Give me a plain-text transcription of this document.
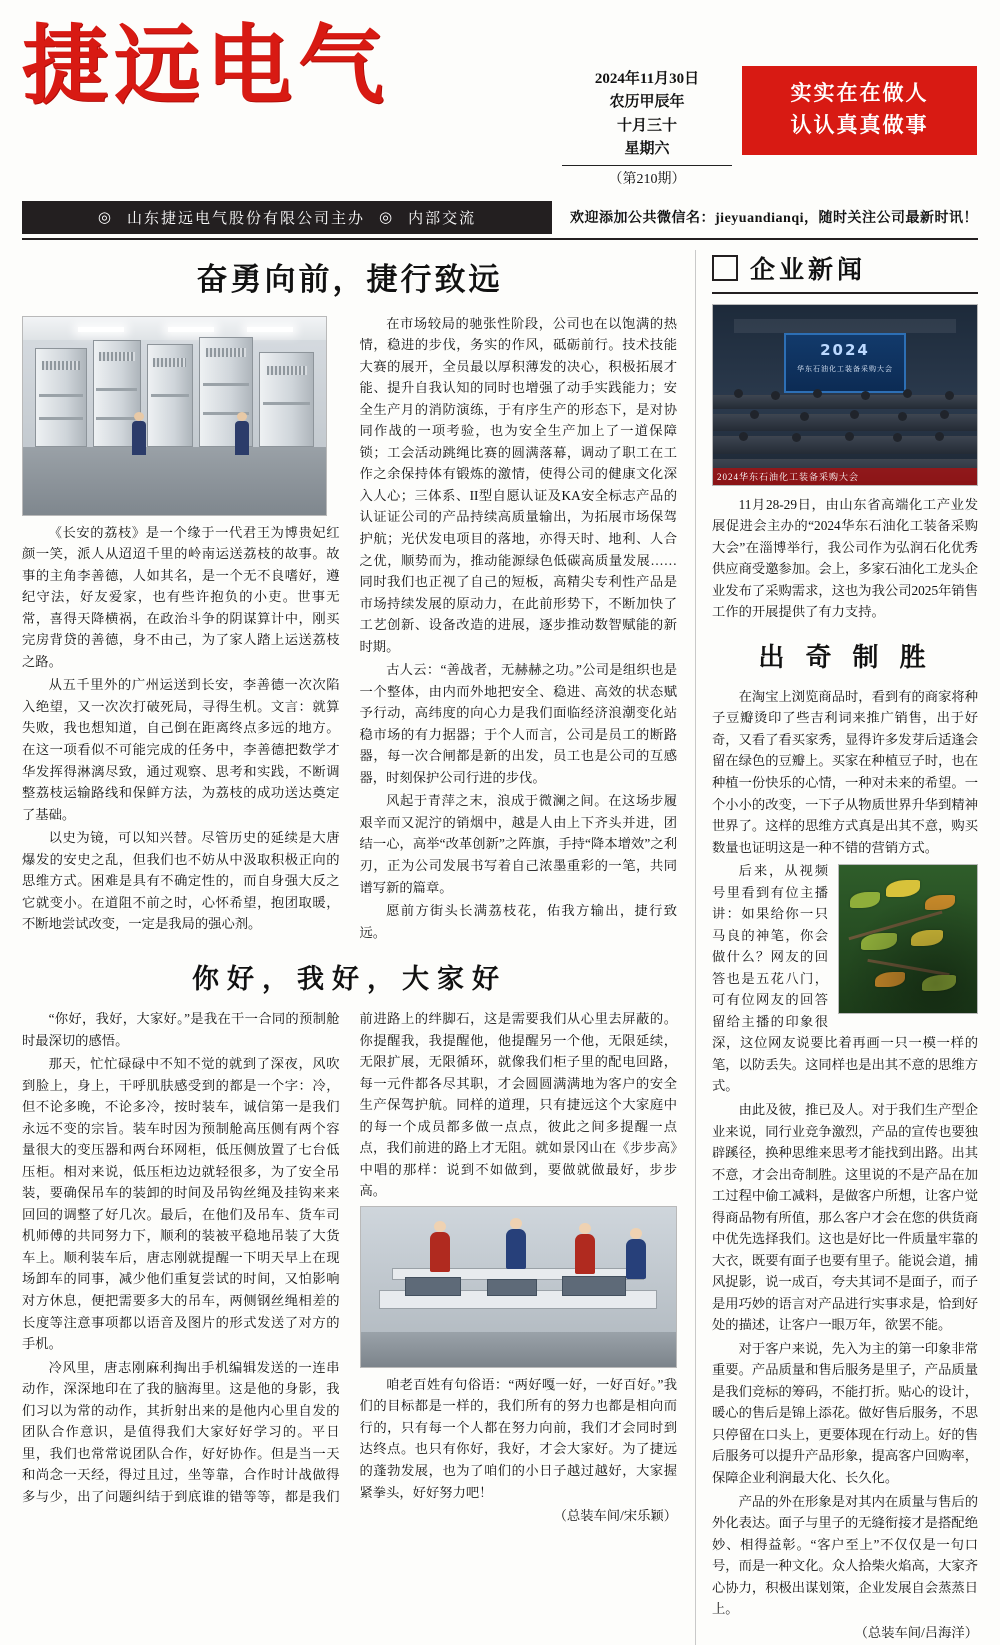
捷远电气	2024年11月30日
农历甲辰年
十月三十
星期六
（第210期）
实实在在做人
认认真真做事
◎ 山东捷远电气股份有限公司主办 ◎ 内部交流	欢迎添加公共微信名：jieyuandianqi，随时关注公司最新时讯！
奋勇向前，捷行致远

《长安的荔枝》是一个缘于一代君王为博贵妃红颜一笑，派人从迢迢千里的岭南运送荔枝的故事。故事的主角李善德，人如其名，是一个无不良嗜好，遵纪守法，好友爱家，也有些许抱负的小吏。世事无常，喜得天降横祸，在政治斗争的阴谋算计中，刚买完房背贷的善德，身不由己，为了家人踏上运送荔枝之路。

从五千里外的广州运送到长安，李善德一次次陷入绝望，又一次次打破死局，寻得生机。文言：就算失败，我也想知道，自己倒在距离终点多远的地方。在这一项看似不可能完成的任务中，李善德把数学才华发挥得淋漓尽致，通过观察、思考和实践，不断调整荔枝运输路线和保鲜方法，为荔枝的成功送达奠定了基础。

以史为镜，可以知兴替。尽管历史的延续是大唐爆发的安史之乱，但我们也不妨从中汲取积极正向的思维方式。困难是具有不确定性的，而自身强大反之它就变小。在道阻不前之时，心怀希望，抱团取暖，不断地尝试改变，一定是我局的强心剂。

在市场较局的驰张性阶段，公司也在以饱满的热情，稳进的步伐，务实的作风，砥砺前行。技术技能大赛的展开，全员最以厚积薄发的决心，积极拓展才能、提升自我认知的同时也增强了动手实践能力；安全生产月的消防演练，于有序生产的形态下，是对协同作战的一项考验，也为安全生产加上了一道保障锁；工会活动跳绳比赛的圆满落幕，调动了职工在工作之余保持体有锻炼的激情，使得公司的健康文化深入人心；三体系、II型自愿认证及KA安全标志产品的认证证公司的产品持续高质量输出，为拓展市场保驾护航；光伏发电项目的落地，亦得天时、地利、人合之优，顺势而为，推动能源绿色低碳高质量发展……同时我们也正视了自己的短板，高精尖专利性产品是市场持续发展的原动力，在此前形势下，不断加快了工艺创新、设备改造的进展，逐步推动数智赋能的新时期。

古人云：“善战者，无赫赫之功。”公司是组织也是一个整体，由内而外地把安全、稳进、高效的状态赋予行动，高纬度的向心力是我们面临经济浪潮变化站稳市场的有力据器；于个人而言，公司是员工的断路器，每一次合闸都是新的出发，员工也是公司的互感器，时刻保护公司行进的步伐。

风起于青萍之末，浪成于微澜之间。在这场步履艰辛而又泥泞的销烟中，越是人由上下齐头并进，团结一心，高举“改革创新”之阵旗，手持“降本增效”之利刃，正为公司发展书写着自己浓墨重彩的一笔，共同谱写新的篇章。

愿前方街头长满荔枝花，佑我方输出，捷行致远。

你好，我好，大家好

“你好，我好，大家好。”是我在干一合同的预制舱时最深切的感悟。

那天，忙忙碌碌中不知不觉的就到了深夜，风吹到脸上，身上，干呼肌肤感受到的都是一个字：冷，但不论多晚，不论多冷，按时装车，诚信第一是我们永远不变的宗旨。装车时因为预制舱高压侧有两个容量很大的变压器和两台环网柜，低压侧放置了七台低压柜。相对来说，低压柜边边就轻很多，为了安全吊装，要确保吊车的装卸的时间及吊钩丝绳及挂钩来来回回的调整了好几次。最后，在他们及吊车、货车司机师傅的共同努力下，顺利的装被平稳地吊装了大货车上。顺利装车后，唐志刚就提醒一下明天早上在现场卸车的同事，减少他们重复尝试的时间，又怕影响对方休息，便把需要多大的吊车，两侧钢丝绳相差的长度等注意事项都以语音及图片的形式发送了对方的手机。

冷风里，唐志刚麻利掏出手机编辑发送的一连串动作，深深地印在了我的脑海里。这是他的身影，我们习以为常的动作，其折射出来的是他内心里自发的团队合作意识，是值得我们大家好好学习的。平日里，我们也常常说团队合作，好好协作。但是当一天和尚念一天经，得过且过，坐等靠，合作时计战做得多与少，出了问题纠结于到底谁的错等等，都是我们前进路上的绊脚石，这是需要我们从心里去屏蔽的。你提醒我，我提醒他，他提醒另一个他，无限延续，无限扩展，无限循环，就像我们柜子里的配电回路，每一元件都各尽其职，才会圆圆满满地为客户的安全生产保驾护航。同样的道理，只有捷远这个大家庭中的每一个成员都多做一点点，彼此之间多提醒一点点，我们前进的路上才无阻。就如景冈山在《步步高》中唱的那样：说到不如做到，要做就做最好，步步高。

咱老百姓有句俗语：“两好嘎一好，一好百好。”我们的目标都是一样的，我们所有的努力也都是相向而行的，只有每一个人都在努力向前，我们才会同时到达终点。也只有你好，我好，才会大家好。为了捷远的蓬勃发展，也为了咱们的小日子越过越好，大家握紧拳头，好好努力吧！

（总装车间/宋乐颖）

企业新闻
2024
华东石油化工装备采购大会
2024华东石油化工装备采购大会

11月28-29日，由山东省高端化工产业发展促进会主办的“2024华东石油化工装备采购大会”在淄博举行，我公司作为弘润石化优秀供应商受邀参加。会上，多家石油化工龙头企业发布了采购需求，这也为我公司2025年销售工作的开展提供了有力支持。

出 奇 制 胜

在淘宝上浏览商品时，看到有的商家将种子豆瓣烫印了些吉利词来推广销售，出于好奇，又看了看买家秀，显得许多发芽后适逢会留在绿色的豆瓣上。买家在种植豆子时，也在种植一份快乐的心情，一种对未来的希望。一个小小的改变，一下子从物质世界升华到精神世界了。这样的思维方式真是出其不意，购买数量也证明这是一种不错的营销方式。

后来，从视频号里看到有位主播讲：如果给你一只马良的神笔，你会做什么？网友的回答也是五花八门，可有位网友的回答留给主播的印象很深，这位网友说要比着再画一只一模一样的笔，以防丢失。这同样也是出其不意的思维方式。

由此及彼，推已及人。对于我们生产型企业来说，同行业竞争激烈，产品的宣传也要独辟蹊径，换种思维来思考才能找到出路。出其不意，才会出奇制胜。这里说的不是产品在加工过程中偷工减料，是做客户所想，让客户觉得商品物有所值，那么客户才会在您的供货商中优先选择我们。这也是好比一件质量牢靠的大衣，既要有面子也要有里子。能说会道，捕风捉影，说一成百，夸夫其词不是面子，而子是用巧妙的语言对产品进行实事求是，恰到好处的描述，让客户一眼万年，欲罢不能。

对于客户来说，先入为主的第一印象非常重要。产品质量和售后服务是里子，产品质量是我们竞标的筹码，不能打折。贴心的设计，暖心的售后是锦上添花。做好售后服务，不思只停留在口头上，更要体现在行动上。好的售后服务可以提升产品形象，提高客户回购率，保障企业利润最大化、长久化。

产品的外在形象是对其内在质量与售后的外化表达。面子与里子的无缝衔接才是搭配绝妙、相得益彰。“客户至上”不仅仅是一句口号，而是一种文化。众人拾柴火焰高，大家齐心协力，积极出谋划策，企业发展自会蒸蒸日上。

（总装车间/吕海洋）
